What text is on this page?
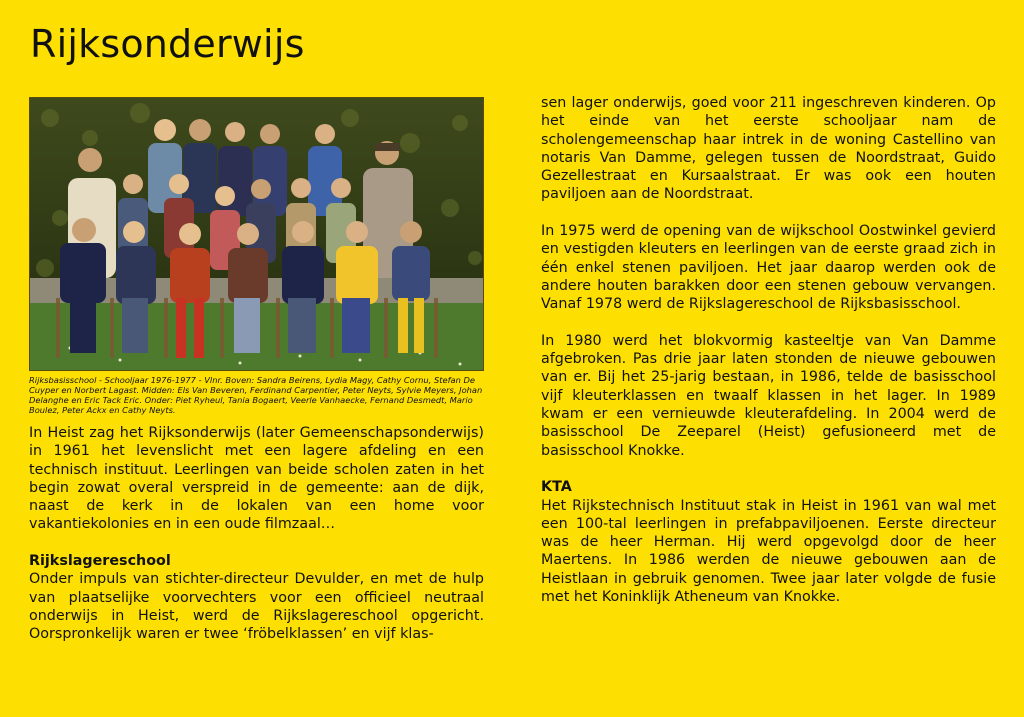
Rijksonderwijs

Rijksbasisschool - Schooljaar 1976-1977 - Vlnr. Boven: Sandra Beirens, Lydia Magy, Cathy Cornu, Stefan De Cuyper en Norbert Lagast. Midden: Els Van Beveren, Ferdinand Carpentier, Peter Neyts, Sylvie Meyers, Johan Delanghe en Eric Tack Eric. Onder: Piet Ryheul, Tania Bogaert, Veerle Vanhaecke, Fernand Desmedt, Mario Boulez, Peter Ackx en Cathy Neyts.

In Heist zag het Rijksonderwijs (later Gemeenschapsonderwijs) in 1961 het levenslicht met een lagere afdeling en een technisch instituut. Leerlingen van beide scholen zaten in het begin zowat overal verspreid in de gemeente: aan de dijk, naast de kerk in de lokalen van een home voor vakantiekolonies en in een oude filmzaal…

Rijkslagereschool

Onder impuls van stichter-directeur Devulder, en met de hulp van plaatselijke voorvechters voor een officieel neutraal onderwijs in Heist, werd de Rijkslagereschool opgericht. Oorspronkelijk waren er twee ‘fröbelklassen’ en vijf klas-

sen lager onderwijs, goed voor 211 ingeschreven kinderen. Op het einde van het eerste schooljaar nam de scholengemeenschap haar intrek in de woning Castellino van notaris Van Damme, gelegen tussen de Noordstraat, Guido Gezellestraat en Kursaalstraat. Er was ook een houten paviljoen aan de Noordstraat.

In 1975 werd de opening van de wijkschool Oostwinkel gevierd en vestigden kleuters en leerlingen van de eerste graad zich in één enkel stenen paviljoen. Het jaar daarop werden ook de andere houten barakken door een stenen gebouw vervangen. Vanaf 1978 werd de Rijkslagereschool de Rijksbasisschool.

In 1980 werd het blokvormig kasteeltje van Van Damme afgebroken. Pas drie jaar laten stonden de nieuwe gebouwen van er. Bij het 25-jarig bestaan, in 1986, telde de basisschool vijf kleuterklassen en twaalf klassen in het lager. In 1989 kwam er een vernieuwde kleuterafdeling. In 2004 werd de basisschool De Zeeparel (Heist) gefusioneerd met de basisschool Knokke.

KTA

Het Rijkstechnisch Instituut stak in Heist in 1961 van wal met een 100-tal leerlingen in prefabpaviljoenen. Eerste directeur was de heer Herman. Hij werd opgevolgd door de heer Maertens. In 1986 werden de nieuwe gebouwen aan de Heistlaan in gebruik genomen. Twee jaar later volgde de fusie met het Koninklijk Atheneum van Knokke.
